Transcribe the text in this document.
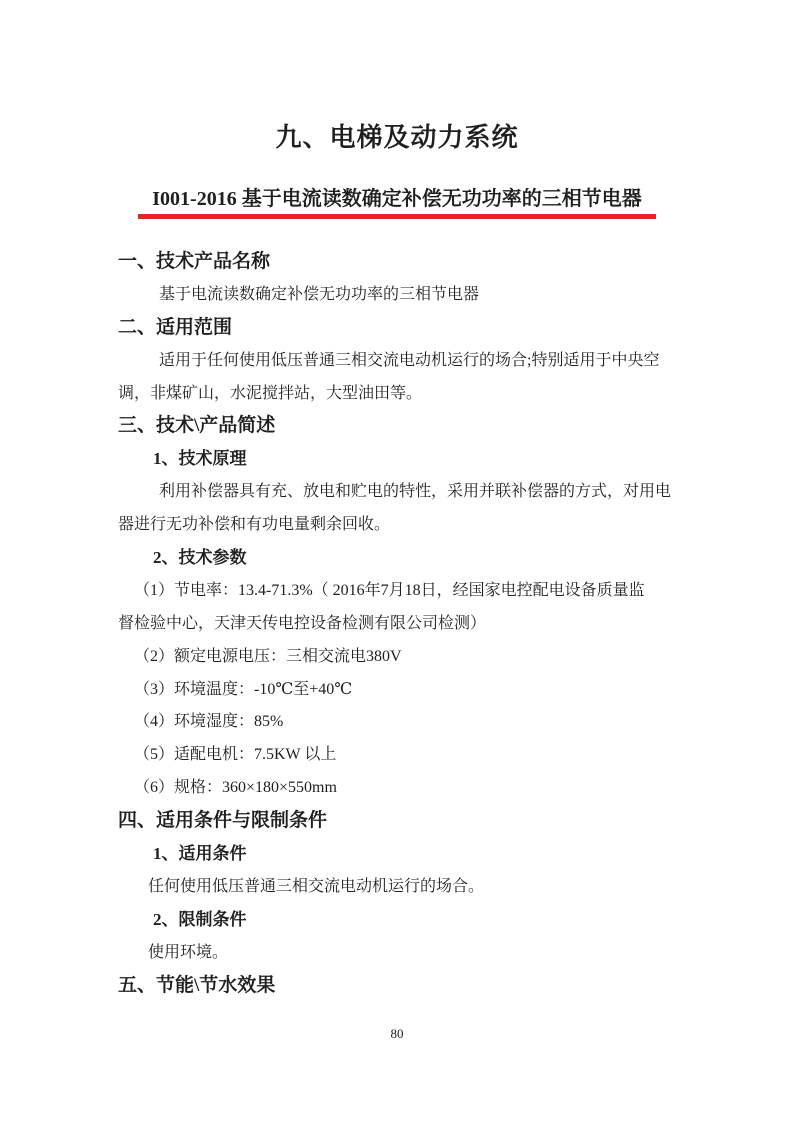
九、电梯及动力系统
I001-2016 基于电流读数确定补偿无功功率的三相节电器
一、技术产品名称
基于电流读数确定补偿无功功率的三相节电器
二、适用范围
适用于任何使用低压普通三相交流电动机运行的场合;特别适用于中央空
调，非煤矿山，水泥搅拌站，大型油田等。
三、技术\产品简述
1、技术原理
利用补偿器具有充、放电和贮电的特性，采用并联补偿器的方式，对用电
器进行无功补偿和有功电量剩余回收。
2、技术参数
（1）节电率：13.4-71.3%（ 2016年7月18日，经国家电控配电设备质量监
督检验中心，天津天传电控设备检测有限公司检测）
（2）额定电源电压：三相交流电380V
（3）环境温度：-10℃至+40℃
（4）环境湿度：85%
（5）适配电机：7.5KW 以上
（6）规格：360×180×550mm
四、适用条件与限制条件
1、适用条件
任何使用低压普通三相交流电动机运行的场合。
2、限制条件
使用环境。
五、节能\节水效果
80
